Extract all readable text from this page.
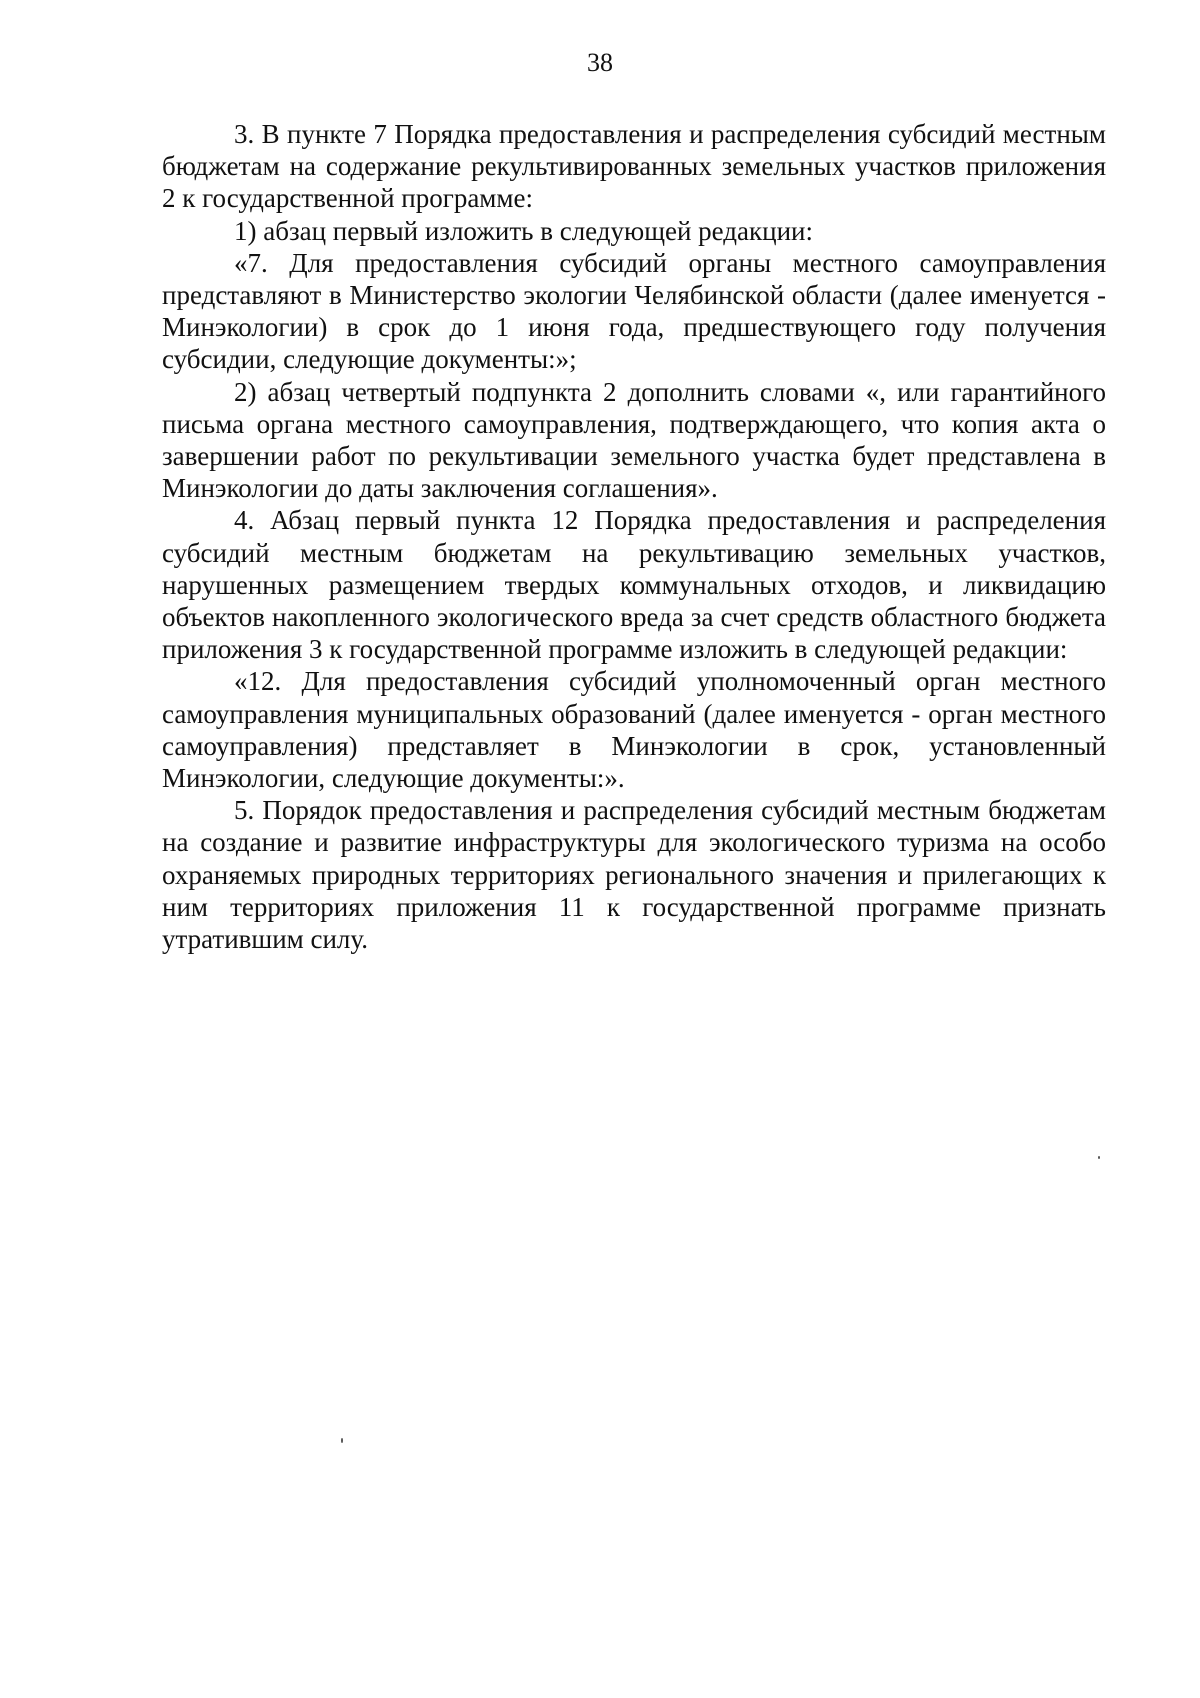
38

3. В пункте 7 Порядка предоставления и распределения субсидий местным бюджетам на содержание рекультивированных земельных участков приложения 2 к государственной программе:

1) абзац первый изложить в следующей редакции:

«7. Для предоставления субсидий органы местного самоуправления представляют в Министерство экологии Челябинской области (далее именуется - Минэкологии) в срок до 1 июня года, предшествующего году получения субсидии, следующие документы:»;

2) абзац четвертый подпункта 2 дополнить словами «, или гарантийного письма органа местного самоуправления, подтверждающего, что копия акта о завершении работ по рекультивации земельного участка будет представлена в Минэкологии до даты заключения соглашения».

4. Абзац первый пункта 12 Порядка предоставления и распределения субсидий местным бюджетам на рекультивацию земельных участков, нарушенных размещением твердых коммунальных отходов, и ликвидацию объектов накопленного экологического вреда за счет средств областного бюджета приложения 3 к государственной программе изложить в следующей редакции:

«12. Для предоставления субсидий уполномоченный орган местного самоуправления муниципальных образований (далее именуется - орган местного самоуправления) представляет в Минэкологии в срок, установленный Минэкологии, следующие документы:».

5. Порядок предоставления и распределения субсидий местным бюджетам на создание и развитие инфраструктуры для экологического туризма на особо охраняемых природных территориях регионального значения и прилегающих к ним территориях приложения 11 к государственной программе признать утратившим силу.
